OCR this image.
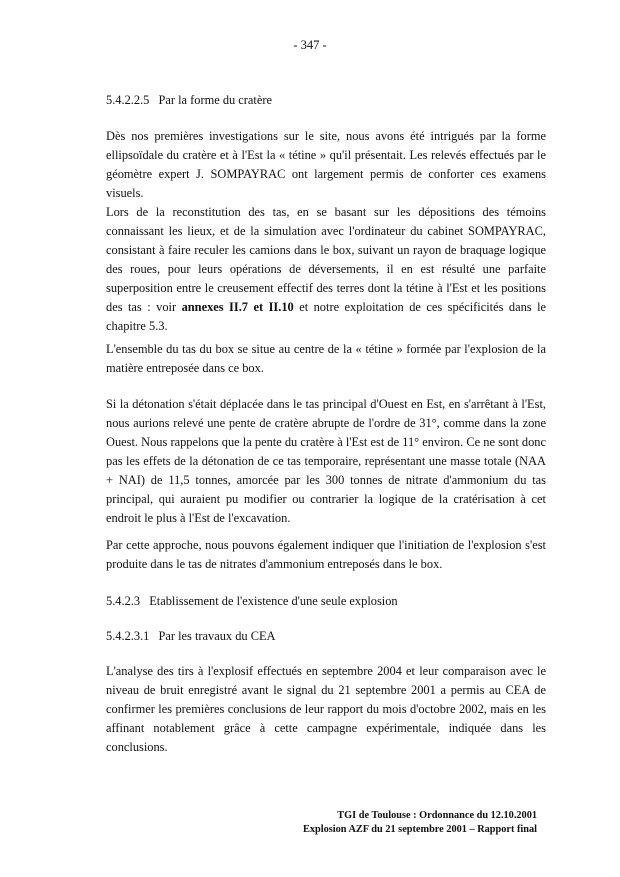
- 347 -
5.4.2.2.5 Par la forme du cratère

Dès nos premières investigations sur le site, nous avons été intrigués par la forme ellipsoïdale du cratère et à l'Est la « tétine » qu'il présentait. Les relevés effectués par le géomètre expert J. SOMPAYRAC ont largement permis de conforter ces examens visuels.

Lors de la reconstitution des tas, en se basant sur les dépositions des témoins connaissant les lieux, et de la simulation avec l'ordinateur du cabinet SOMPAYRAC, consistant à faire reculer les camions dans le box, suivant un rayon de braquage logique des roues, pour leurs opérations de déversements, il en est résulté une parfaite superposition entre le creusement effectif des terres dont la tétine à l'Est et les positions des tas : voir annexes II.7 et II.10 et notre exploitation de ces spécificités dans le chapitre 5.3.

L'ensemble du tas du box se situe au centre de la « tétine » formée par l'explosion de la matière entreposée dans ce box.

Si la détonation s'était déplacée dans le tas principal d'Ouest en Est, en s'arrêtant à l'Est, nous aurions relevé une pente de cratère abrupte de l'ordre de 31°, comme dans la zone Ouest. Nous rappelons que la pente du cratère à l'Est est de 11° environ. Ce ne sont donc pas les effets de la détonation de ce tas temporaire, représentant une masse totale (NAA + NAI) de 11,5 tonnes, amorcée par les 300 tonnes de nitrate d'ammonium du tas principal, qui auraient pu modifier ou contrarier la logique de la cratérisation à cet endroit le plus à l'Est de l'excavation.

Par cette approche, nous pouvons également indiquer que l'initiation de l'explosion s'est produite dans le tas de nitrates d'ammonium entreposés dans le box.

5.4.2.3 Etablissement de l'existence d'une seule explosion
5.4.2.3.1 Par les travaux du CEA

L'analyse des tirs à l'explosif effectués en septembre 2004 et leur comparaison avec le niveau de bruit enregistré avant le signal du 21 septembre 2001 a permis au CEA de confirmer les premières conclusions de leur rapport du mois d'octobre 2002, mais en les affinant notablement grâce à cette campagne expérimentale, indiquée dans les conclusions.

TGI de Toulouse : Ordonnance du 12.10.2001
Explosion AZF du 21 septembre 2001 – Rapport final
